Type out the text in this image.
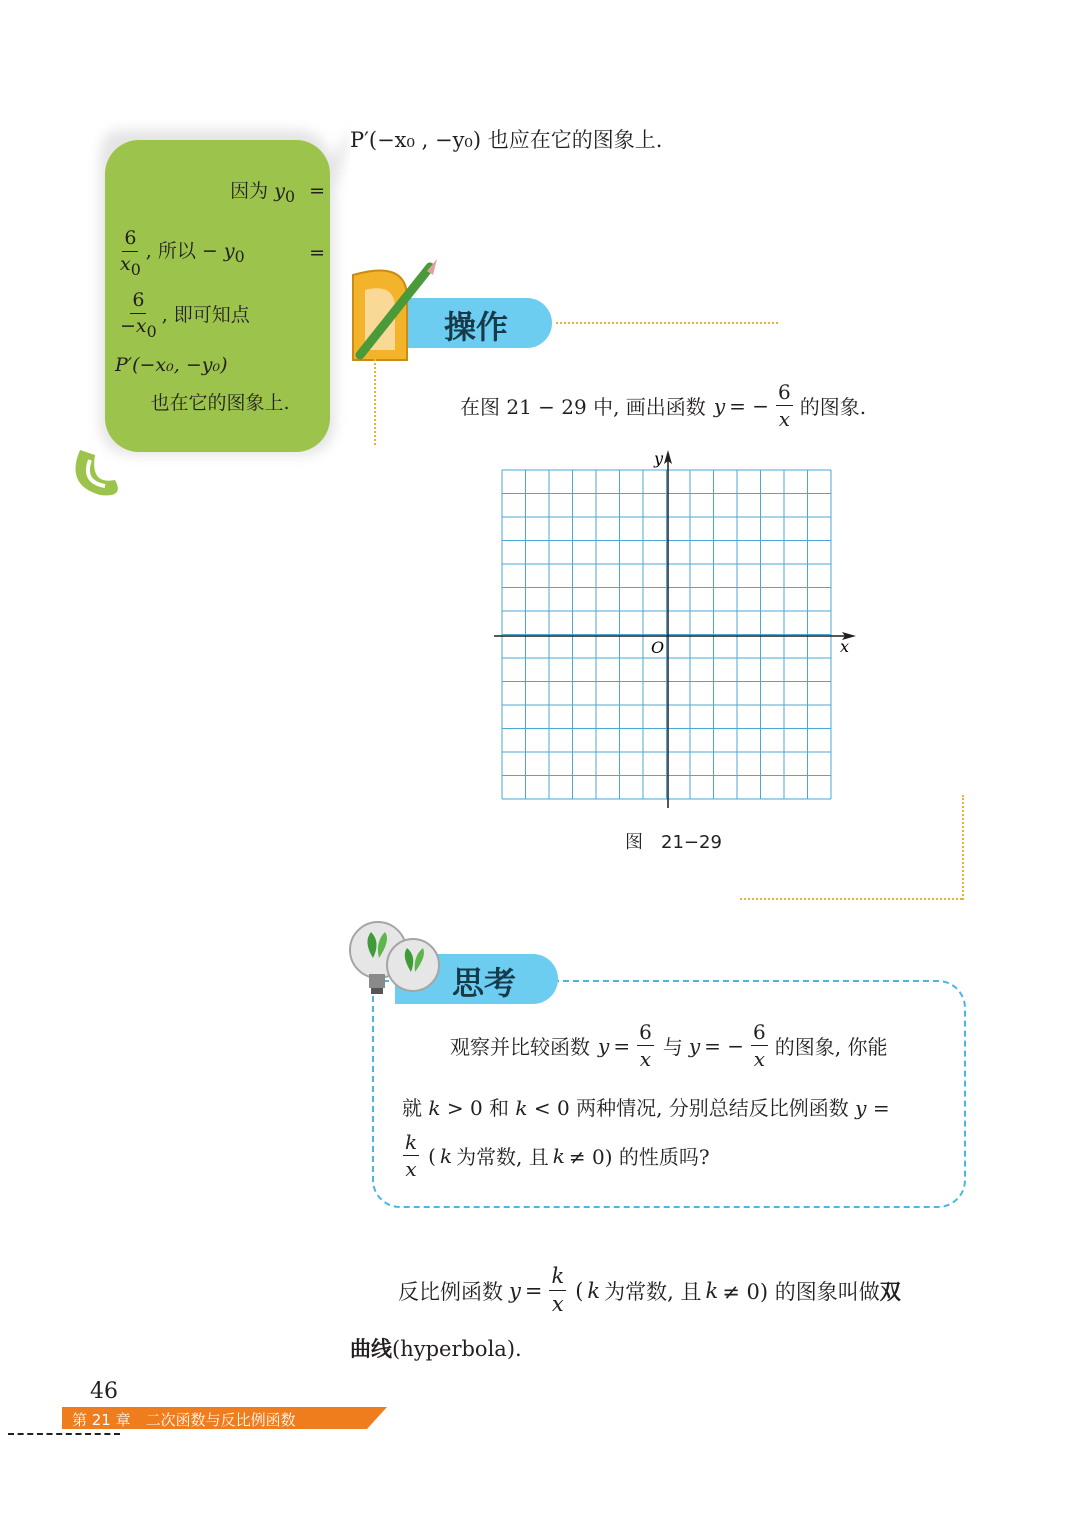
因为 $y_0$ =
$\frac{6}{x_0}$ , 所以 − $y_0$	=
$\frac{6}{-x_0}$ , 即可知点
P′(−x₀, −y₀)
也在它的图象上.
P′(−x₀ , −y₀) 也应在它的图象上.
操作
在图 21 − 29 中, 画出函数 y = − $\frac{6}{x}$ 的图象.
y
x
O
图　21−29
思考
观察并比较函数 $y = \frac{6}{x}$ 与 y = − $\frac{6}{x}$ 的图象, 你能
就 k > 0 和 k < 0 两种情况, 分别总结反比例函数 y =
$\frac{k}{x}$ ( k 为常数, 且 k ≠ 0) 的性质吗?
反比例函数 $y = \frac{k}{x}$ ( k 为常数, 且 k ≠ 0) 的图象叫做 双
曲线(hyperbola).
46
第 21 章　二次函数与反比例函数
